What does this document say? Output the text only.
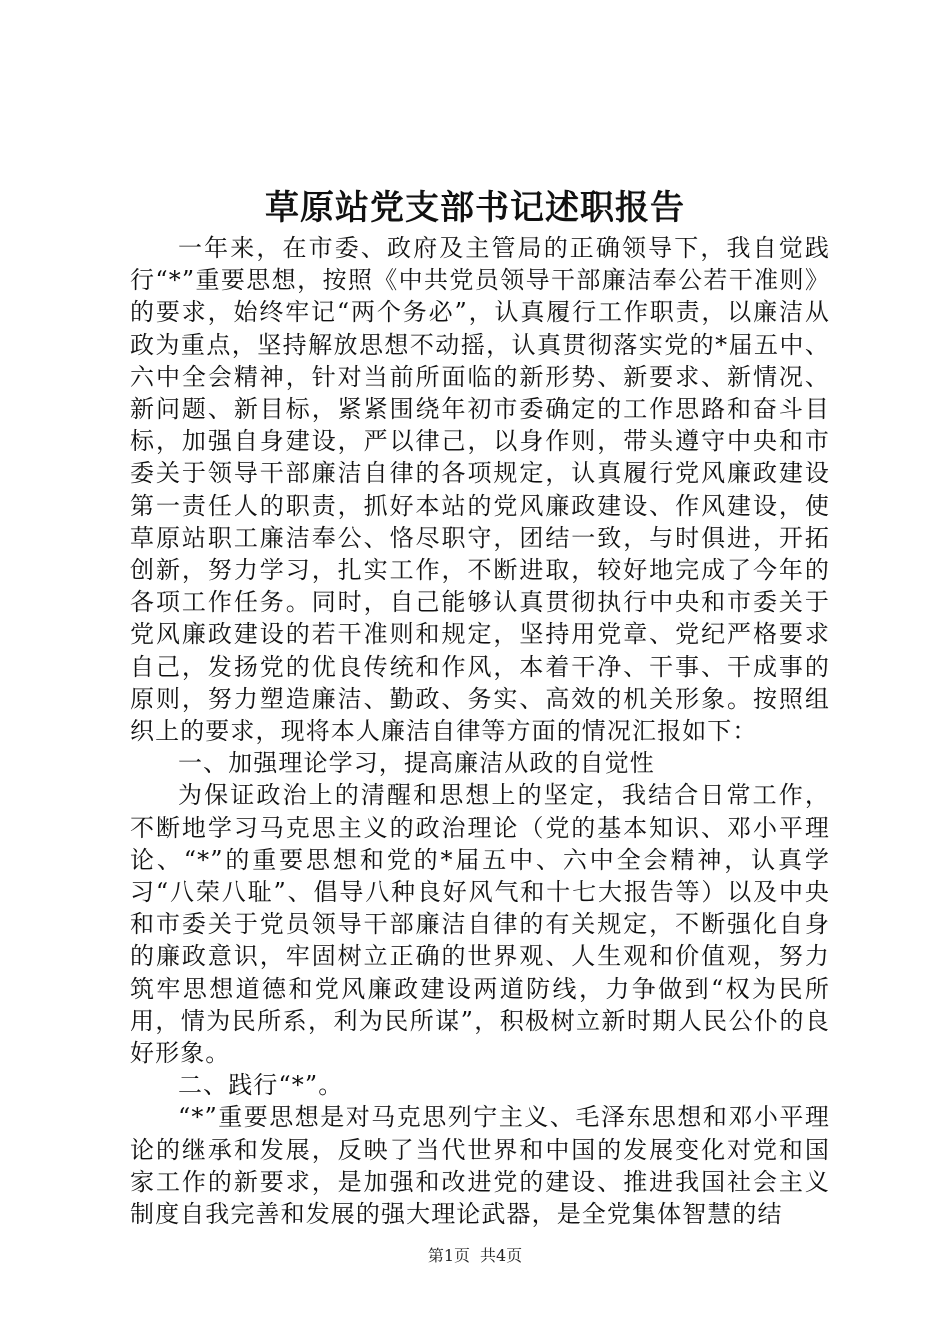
草原站党支部书记述职报告

一年来，在市委、政府及主管局的正确领导下，我自觉践行“*”重要思想，按照《中共党员领导干部廉洁奉公若干准则》的要求，始终牢记“两个务必”，认真履行工作职责，以廉洁从政为重点，坚持解放思想不动摇，认真贯彻落实党的*届五中、六中全会精神，针对当前所面临的新形势、新要求、新情况、新问题、新目标，紧紧围绕年初市委确定的工作思路和奋斗目标，加强自身建设，严以律己，以身作则，带头遵守中央和市委关于领导干部廉洁自律的各项规定，认真履行党风廉政建设第一责任人的职责，抓好本站的党风廉政建设、作风建设，使草原站职工廉洁奉公、恪尽职守，团结一致，与时俱进，开拓创新，努力学习，扎实工作，不断进取，较好地完成了今年的各项工作任务。同时，自己能够认真贯彻执行中央和市委关于党风廉政建设的若干准则和规定，坚持用党章、党纪严格要求自己，发扬党的优良传统和作风，本着干净、干事、干成事的原则，努力塑造廉洁、勤政、务实、高效的机关形象。按照组织上的要求，现将本人廉洁自律等方面的情况汇报如下：

一、加强理论学习，提高廉洁从政的自觉性

为保证政治上的清醒和思想上的坚定，我结合日常工作，不断地学习马克思主义的政治理论（党的基本知识、邓小平理论、“*”的重要思想和党的*届五中、六中全会精神，认真学习“八荣八耻”、倡导八种良好风气和十七大报告等）以及中央和市委关于党员领导干部廉洁自律的有关规定，不断强化自身的廉政意识，牢固树立正确的世界观、人生观和价值观，努力筑牢思想道德和党风廉政建设两道防线，力争做到“权为民所用，情为民所系，利为民所谋”，积极树立新时期人民公仆的良好形象。

二、践行“*”。

“*”重要思想是对马克思列宁主义、毛泽东思想和邓小平理论的继承和发展，反映了当代世界和中国的发展变化对党和国家工作的新要求，是加强和改进党的建设、推进我国社会主义制度自我完善和发展的强大理论武器，是全党集体智慧的结

第1页 共4页
